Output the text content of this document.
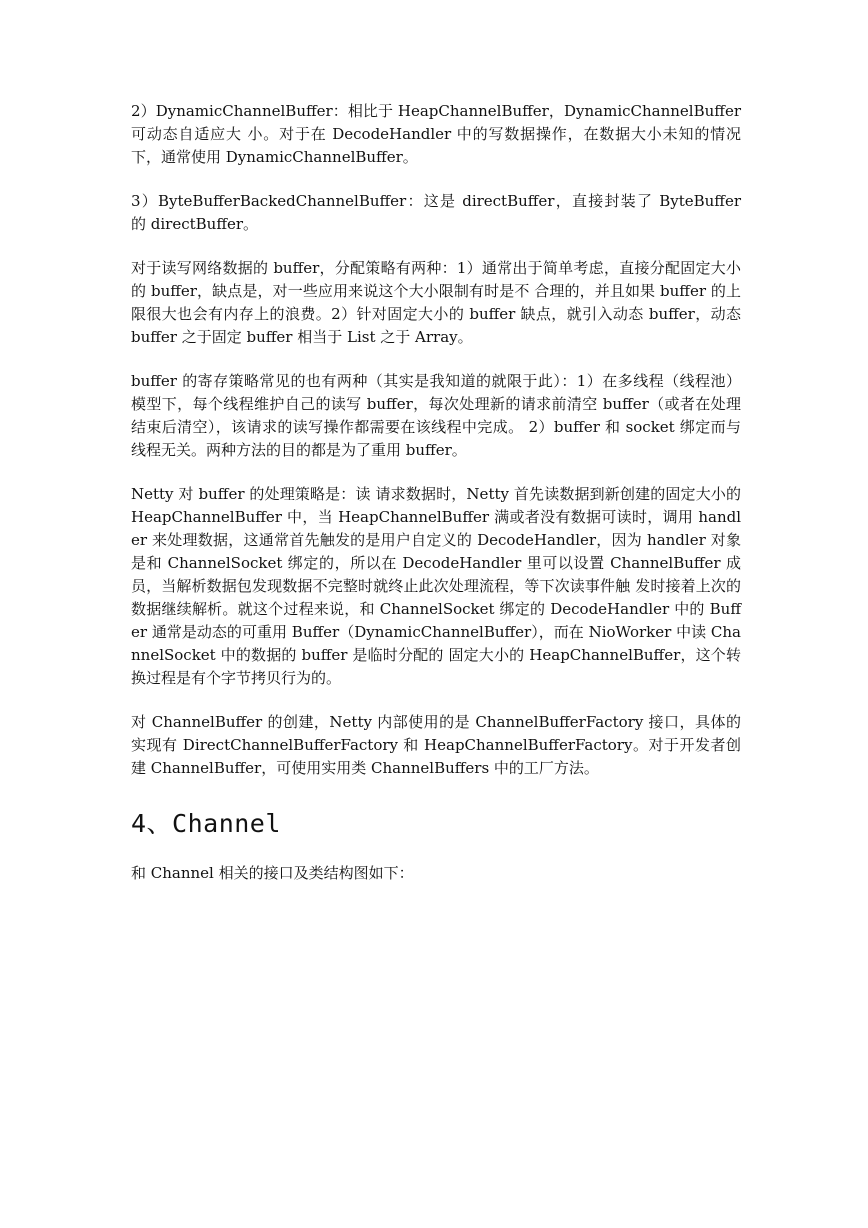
2）DynamicChannelBuffer：相比于 HeapChannelBuffer，DynamicChannelBuffer 可动态自适应大 小。对于在 DecodeHandler 中的写数据操作，在数据大小未知的情况下，通常使用 DynamicChannelBuffer。

3）ByteBufferBackedChannelBuffer：这是 directBuffer，直接封装了 ByteBuffer 的 directBuffer。

对于读写网络数据的 buffer，分配策略有两种：1）通常出于简单考虑，直接分配固定大小的 buffer，缺点是，对一些应用来说这个大小限制有时是不 合理的，并且如果 buffer 的上限很大也会有内存上的浪费。2）针对固定大小的 buffer 缺点，就引入动态 buffer，动态 buffer 之于固定 buffer 相当于 List 之于 Array。

buffer 的寄存策略常见的也有两种（其实是我知道的就限于此）：1）在多线程（线程池） 模型下，每个线程维护自己的读写 buffer，每次处理新的请求前清空 buffer（或者在处理结束后清空），该请求的读写操作都需要在该线程中完成。 2）buffer 和 socket 绑定而与线程无关。两种方法的目的都是为了重用 buffer。

Netty 对 buffer 的处理策略是：读 请求数据时，Netty 首先读数据到新创建的固定大小的 HeapChannelBuffer 中，当 HeapChannelBuffer 满或者没有数据可读时，调用 handler 来处理数据，这通常首先触发的是用户自定义的 DecodeHandler，因为 handler 对象是和 ChannelSocket 绑定的，所以在 DecodeHandler 里可以设置 ChannelBuffer 成员，当解析数据包发现数据不完整时就终止此次处理流程，等下次读事件触 发时接着上次的数据继续解析。就这个过程来说，和 ChannelSocket 绑定的 DecodeHandler 中的 Buffer 通常是动态的可重用 Buffer（DynamicChannelBuffer），而在 NioWorker 中读 ChannelSocket 中的数据的 buffer 是临时分配的 固定大小的 HeapChannelBuffer，这个转换过程是有个字节拷贝行为的。

对 ChannelBuffer 的创建，Netty 内部使用的是 ChannelBufferFactory 接口，具体的实现有 DirectChannelBufferFactory 和 HeapChannelBufferFactory。对于开发者创建 ChannelBuffer，可使用实用类 ChannelBuffers 中的工厂方法。

4、Channel

和 Channel 相关的接口及类结构图如下：
